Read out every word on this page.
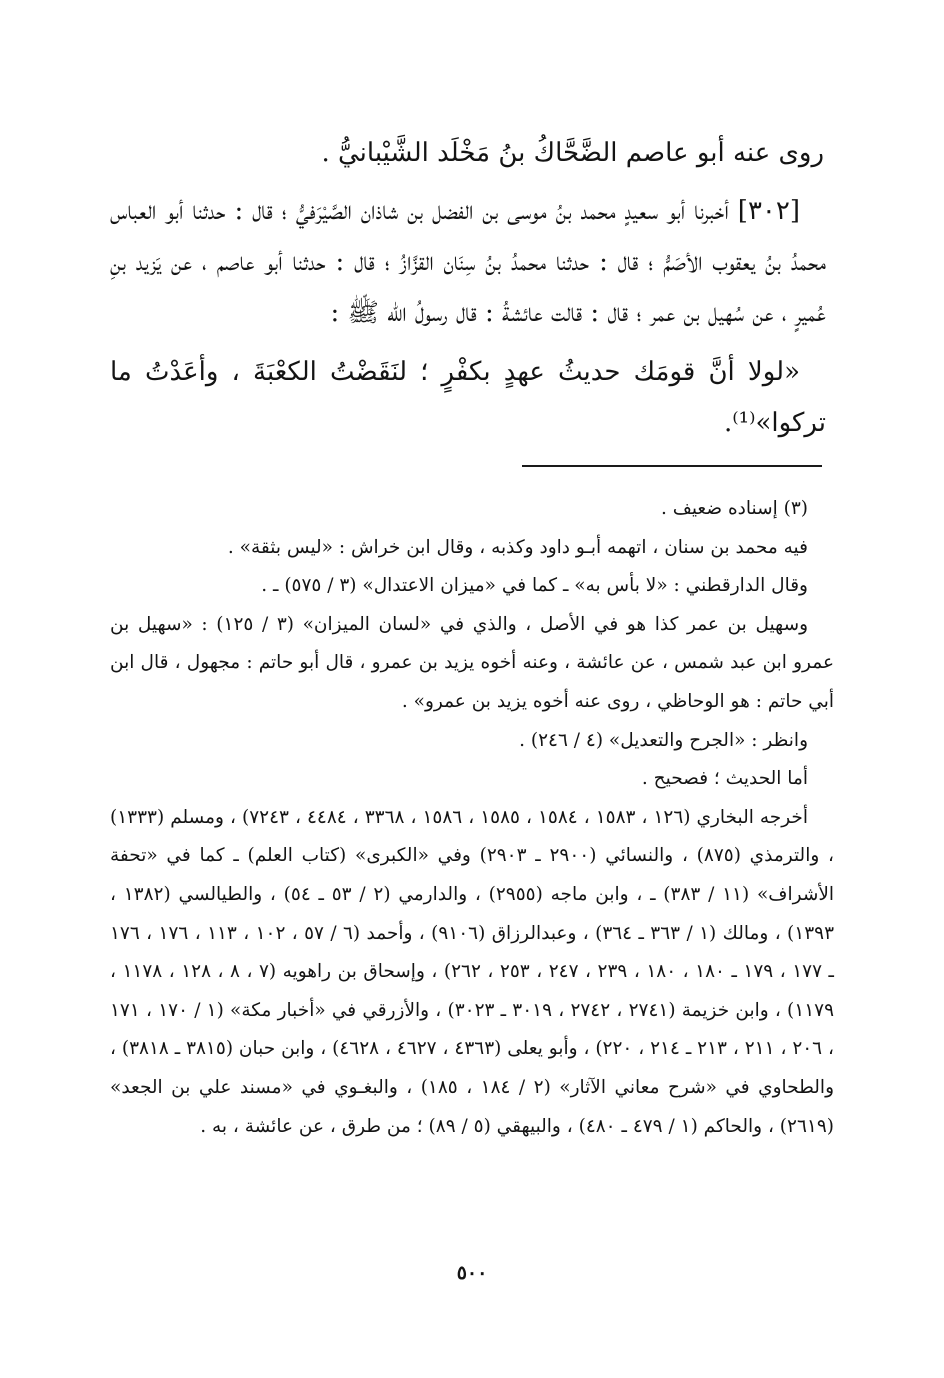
روى عنه أبو عاصم الضَّحَّاكُ بنُ مَخْلَد الشَّيْبانيُّ .

[٣٠٢] أخبرنا أبو سعيدٍ محمد بنُ موسى بن الفضل بن شاذان الصَّيْرَفيُّ ؛ قال : حدثنا أبو العباس محمدُ بنُ يعقوب الأصَمُّ ؛ قال : حدثنا محمدُ بنُ سِنَان القزَّازُ ؛ قال : حدثنا أبو عاصم ، عن يَزيد بنِ عُميرٍ ، عن سُهيل بن عمر ؛ قال : قالت عائشةُ : قال رسولُ الله ﷺ :

«لولا أنَّ قومَك حديثُ عهدٍ بكفْرٍ ؛ لنَقَضْتُ الكعْبَةَ ، وأعَدْتُ ما تركوا»⁽¹⁾.

(٣) إسناده ضعيف .

فيه محمد بن سنان ، اتهمه أبـو داود وكذبه ، وقال ابن خراش : «ليس بثقة» .

وقال الدارقطني : «لا بأس به» ـ كما في «ميزان الاعتدال» (٣ / ٥٧٥) ـ .

وسهيل بن عمر كذا هو في الأصل ، والذي في «لسان الميزان» (٣ / ١٢٥) : «سهيل بن عمرو ابن عبد شمس ، عن عائشة ، وعنه أخوه يزيد بن عمرو ، قال أبو حاتم : مجهول ، قال ابن أبي حاتم : هو الوحاظي ، روى عنه أخوه يزيد بن عمرو» .

وانظر : «الجرح والتعديل» (٤ / ٢٤٦) .

أما الحديث ؛ فصحيح .

أخرجه البخاري (١٢٦ ، ١٥٨٣ ، ١٥٨٤ ، ١٥٨٥ ، ١٥٨٦ ، ٣٣٦٨ ، ٤٤٨٤ ، ٧٢٤٣) ، ومسلم (١٣٣٣) ، والترمذي (٨٧٥) ، والنسائي (٢٩٠٠ ـ ٢٩٠٣) وفي «الكبرى» (كتاب العلم) ـ كما في «تحفة الأشراف» (١١ / ٣٨٣) ـ ، وابن ماجه (٢٩٥٥) ، والدارمي (٢ / ٥٣ ـ ٥٤) ، والطيالسي (١٣٨٢ ، ١٣٩٣) ، ومالك (١ / ٣٦٣ ـ ٣٦٤) ، وعبدالرزاق (٩١٠٦) ، وأحمد (٦ / ٥٧ ، ١٠٢ ، ١١٣ ، ١٧٦ ، ١٧٦ ـ ١٧٧ ، ١٧٩ ـ ١٨٠ ، ١٨٠ ، ٢٣٩ ، ٢٤٧ ، ٢٥٣ ، ٢٦٢) ، وإسحاق بن راهويه (٧ ، ٨ ، ١٢٨ ، ١١٧٨ ، ١١٧٩) ، وابن خزيمة (٢٧٤١ ، ٢٧٤٢ ، ٣٠١٩ ـ ٣٠٢٣) ، والأزرقي في «أخبار مكة» (١ / ١٧٠ ، ١٧١ ، ٢٠٦ ، ٢١١ ، ٢١٣ ـ ٢١٤ ، ٢٢٠) ، وأبو يعلى (٤٣٦٣ ، ٤٦٢٧ ، ٤٦٢٨) ، وابن حبان (٣٨١٥ ـ ٣٨١٨) ، والطحاوي في «شرح معاني الآثار» (٢ / ١٨٤ ، ١٨٥) ، والبغـوي في «مسند علي بن الجعد» (٢٦١٩) ، والحاكم (١ / ٤٧٩ ـ ٤٨٠) ، والبيهقي (٥ / ٨٩) ؛ من طرق ، عن عائشة ، به .

٥٠٠
